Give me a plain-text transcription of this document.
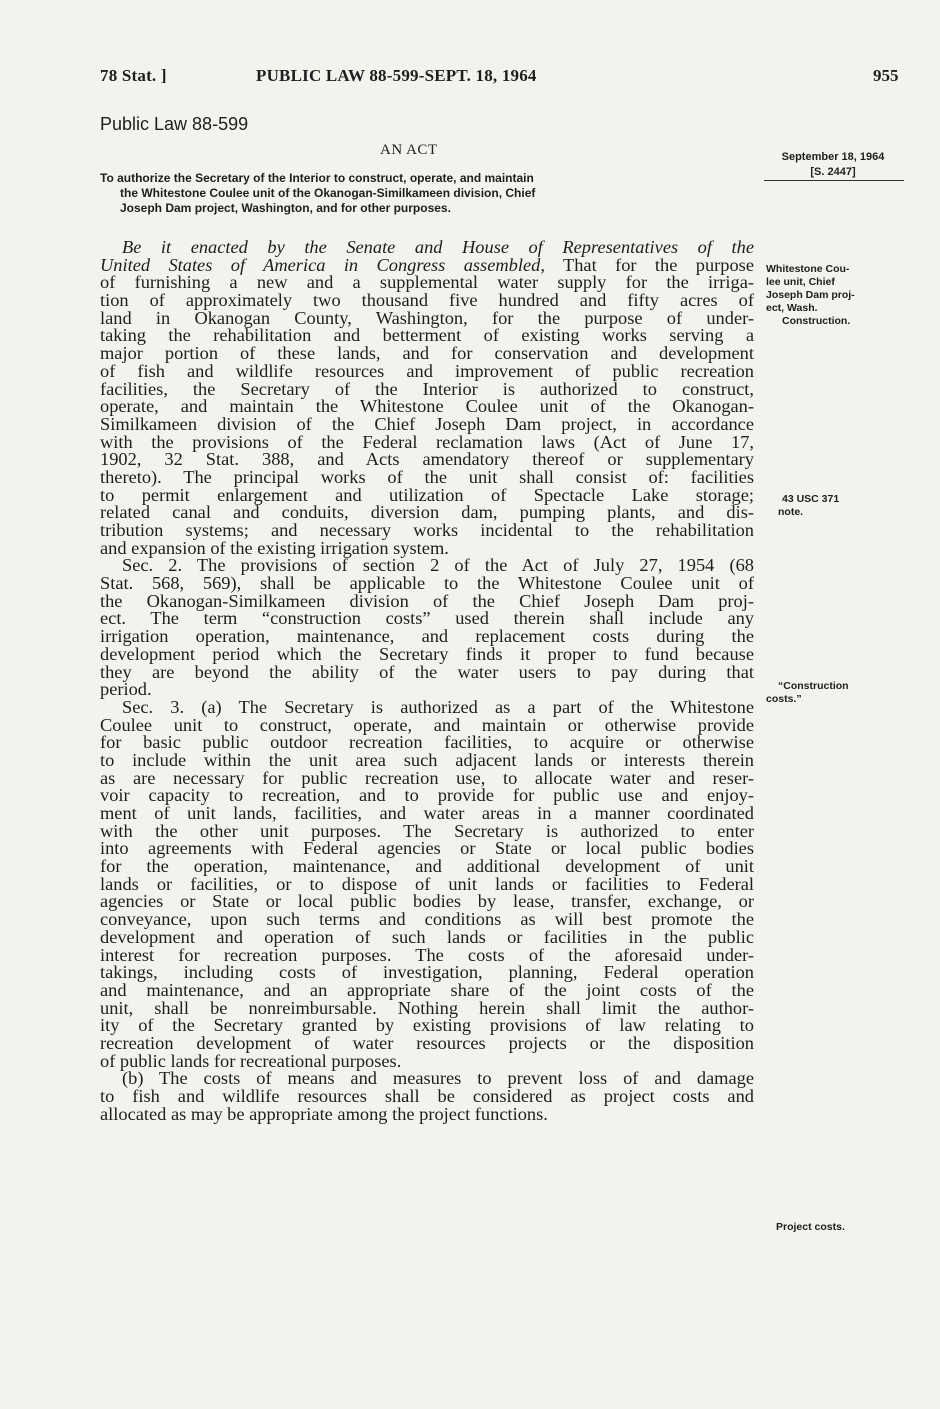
78 Stat. ]	PUBLIC LAW 88-599-SEPT. 18, 1964	955
Public Law 88-599
AN ACT	September 18, 1964
[S. 2447]
To authorize the Secretary of the Interior to construct, operate, and maintain
the Whitestone Coulee unit of the Okanogan-Similkameen division, Chief
Joseph Dam project, Washington, and for other purposes.
Be it enacted by the Senate and House of Representatives of the
United States of America in Congress assembled, That for the purpose
of furnishing a new and a supplemental water supply for the irriga-
tion of approximately two thousand five hundred and fifty acres of
land in Okanogan County, Washington, for the purpose of under-
taking the rehabilitation and betterment of existing works serving a
major portion of these lands, and for conservation and development
of fish and wildlife resources and improvement of public recreation
facilities, the Secretary of the Interior is authorized to construct,
operate, and maintain the Whitestone Coulee unit of the Okanogan-
Similkameen division of the Chief Joseph Dam project, in accordance
with the provisions of the Federal reclamation laws (Act of June 17,
1902, 32 Stat. 388, and Acts amendatory thereof or supplementary
thereto). The principal works of the unit shall consist of: facilities
to permit enlargement and utilization of Spectacle Lake storage;
related canal and conduits, diversion dam, pumping plants, and dis-
tribution systems; and necessary works incidental to the rehabilitation
and expansion of the existing irrigation system.
Sec. 2. The provisions of section 2 of the Act of July 27, 1954 (68
Stat. 568, 569), shall be applicable to the Whitestone Coulee unit of
the Okanogan-Similkameen division of the Chief Joseph Dam proj-
ect. The term “construction costs” used therein shall include any
irrigation operation, maintenance, and replacement costs during the
development period which the Secretary finds it proper to fund because
they are beyond the ability of the water users to pay during that
period.
Sec. 3. (a) The Secretary is authorized as a part of the Whitestone
Coulee unit to construct, operate, and maintain or otherwise provide
for basic public outdoor recreation facilities, to acquire or otherwise
to include within the unit area such adjacent lands or interests therein
as are necessary for public recreation use, to allocate water and reser-
voir capacity to recreation, and to provide for public use and enjoy-
ment of unit lands, facilities, and water areas in a manner coordinated
with the other unit purposes. The Secretary is authorized to enter
into agreements with Federal agencies or State or local public bodies
for the operation, maintenance, and additional development of unit
lands or facilities, or to dispose of unit lands or facilities to Federal
agencies or State or local public bodies by lease, transfer, exchange, or
conveyance, upon such terms and conditions as will best promote the
development and operation of such lands or facilities in the public
interest for recreation purposes. The costs of the aforesaid under-
takings, including costs of investigation, planning, Federal operation
and maintenance, and an appropriate share of the joint costs of the
unit, shall be nonreimbursable. Nothing herein shall limit the author-
ity of the Secretary granted by existing provisions of law relating to
recreation development of water resources projects or the disposition
of public lands for recreational purposes.
(b) The costs of means and measures to prevent loss of and damage
to fish and wildlife resources shall be considered as project costs and
allocated as may be appropriate among the project functions.
Whitestone Cou-
lee unit, Chief
Joseph Dam proj-
ect, Wash.
Construction.
43 USC 371
note.
“Construction
costs.”
Project costs.
